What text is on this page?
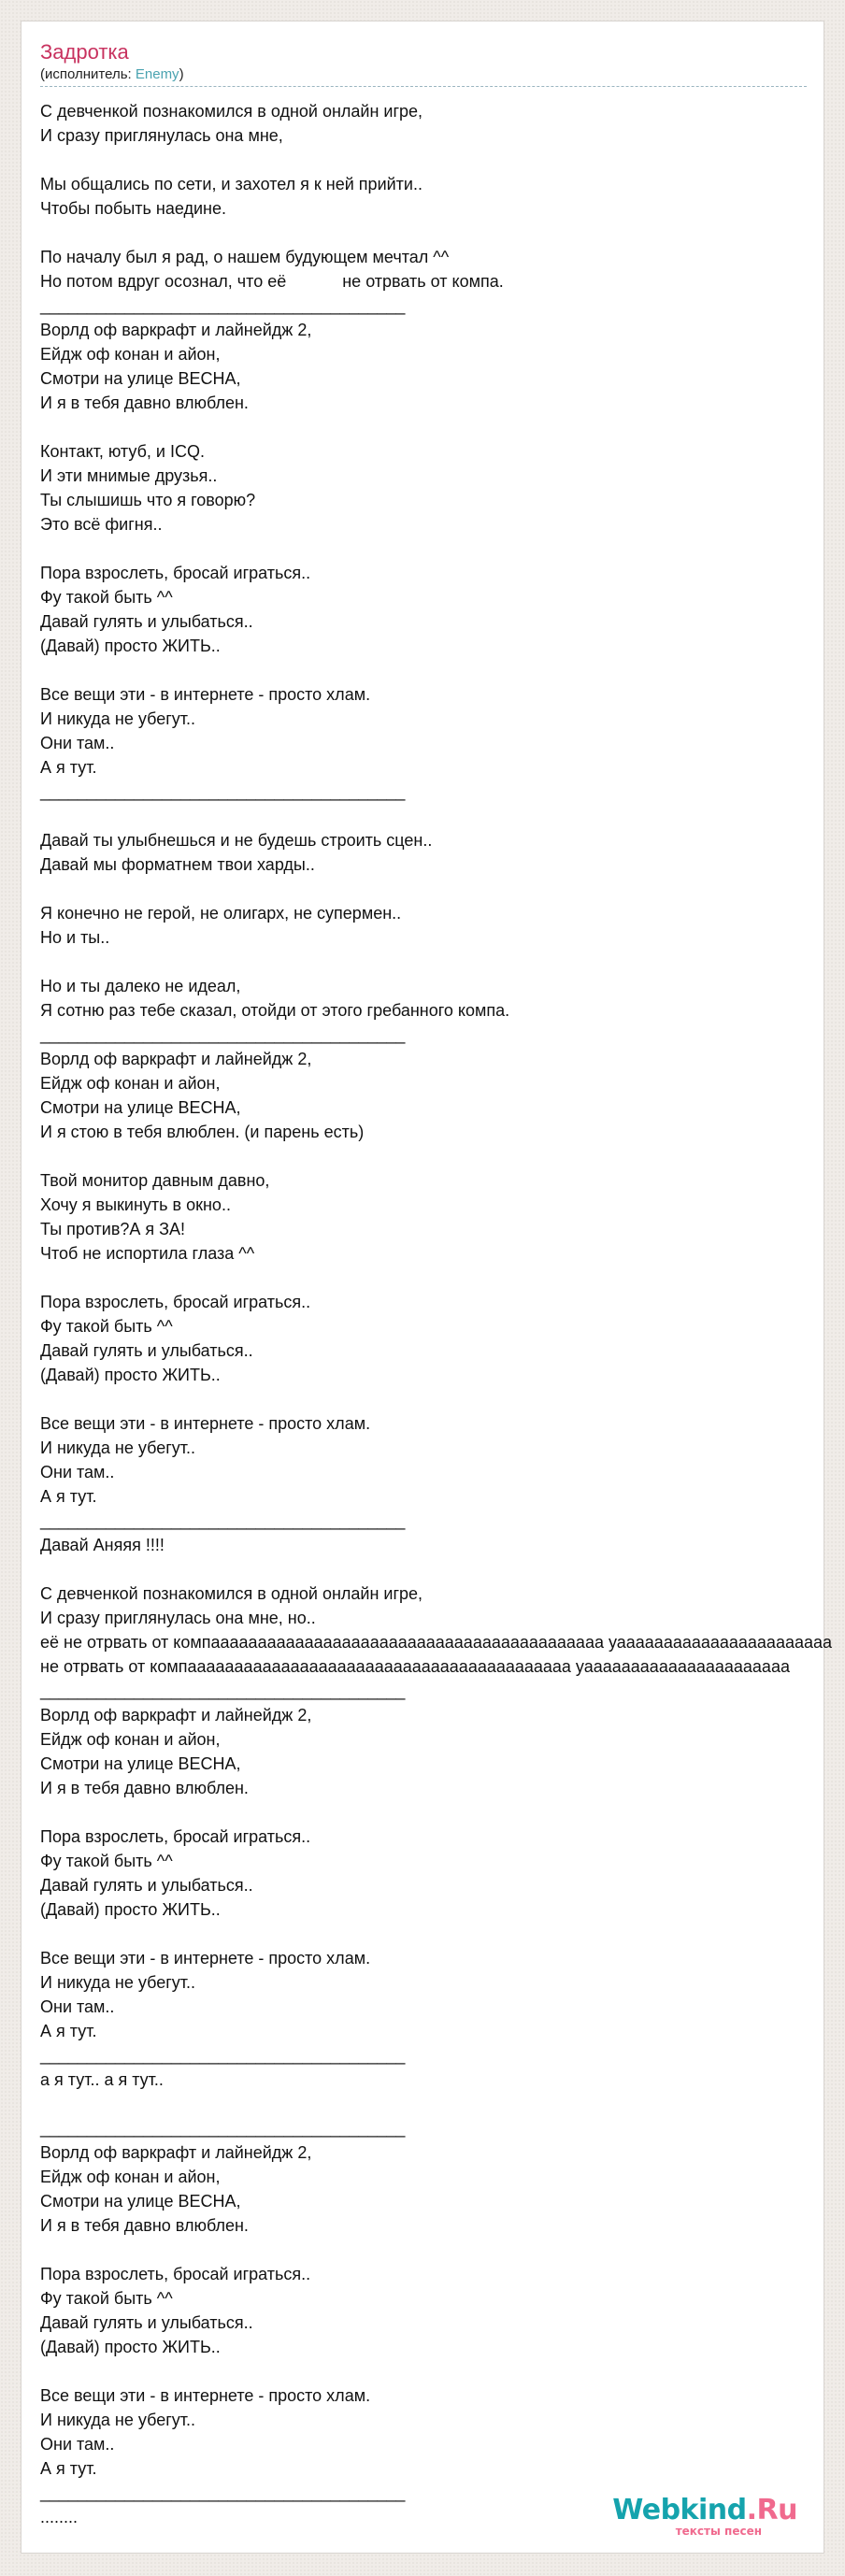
Задротка
(исполнитель: Enemy)
С девченкой познакомился в одной онлайн игре,
И сразу приглянулась она мне,
Мы общались по сети, и захотел я к ней прийти..
Чтобы побыть наедине.
По началу был я рад, о нашем будующем мечтал ^^
Но потом вдруг осознал, что её            не отрвать от компа.
_______________________________________
Ворлд оф варкрафт и лайнейдж 2,
Ейдж оф конан и айон,
Смотри на улице ВЕСНА,
И я в тебя давно влюблен.
Контакт, ютуб, и ICQ.
И эти мнимые друзья..
Ты слышишь что я говорю?
Это всё фигня..
Пора взрослеть, бросай играться..
Фу такой быть ^^
Давай гулять и улыбаться..
(Давай) просто ЖИТЬ..
Все вещи эти - в интернете - просто хлам.
И никуда не убегут..
Они там..
А я тут.
_______________________________________
Давай ты улыбнешься и не будешь строить сцен..
Давай мы форматнем твои харды..
Я конечно не герой, не олигарх, не супермен..
Но и ты..
Но и ты далеко не идеал,
Я сотню раз тебе сказал, отойди от этого гребанного компа.
_______________________________________
Ворлд оф варкрафт и лайнейдж 2,
Ейдж оф конан и айон,
Смотри на улице ВЕСНА,
И я стою в тебя влюблен. (и парень есть)
Твой монитор давным давно,
Хочу я выкинуть в окно..
Ты против?А я ЗА!
Чтоб не испортила глаза ^^
Пора взрослеть, бросай играться..
Фу такой быть ^^
Давай гулять и улыбаться..
(Давай) просто ЖИТЬ..
Все вещи эти - в интернете - просто хлам.
И никуда не убегут..
Они там..
А я тут.
_______________________________________
Давай Аняяя !!!!
С девченкой познакомился в одной онлайн игре,
И сразу приглянулась она мне, но..
её не отрвать от компаааааааааааааааааааааааааааааааааааааааааа уааааааааааааааааааааааа
не отрвать от компааааааааааааааааааааааааааааааааааааааааа уаааааааааааааааааааааа
_______________________________________
Ворлд оф варкрафт и лайнейдж 2,
Ейдж оф конан и айон,
Смотри на улице ВЕСНА,
И я в тебя давно влюблен.
Пора взрослеть, бросай играться..
Фу такой быть ^^
Давай гулять и улыбаться..
(Давай) просто ЖИТЬ..
Все вещи эти - в интернете - просто хлам.
И никуда не убегут..
Они там..
А я тут.
_______________________________________
а я тут.. а я тут..
_______________________________________
Ворлд оф варкрафт и лайнейдж 2,
Ейдж оф конан и айон,
Смотри на улице ВЕСНА,
И я в тебя давно влюблен.
Пора взрослеть, бросай играться..
Фу такой быть ^^
Давай гулять и улыбаться..
(Давай) просто ЖИТЬ..
Все вещи эти - в интернете - просто хлам.
И никуда не убегут..
Они там..
А я тут.
_______________________________________
........	Webkind.Ru
тексты песен
